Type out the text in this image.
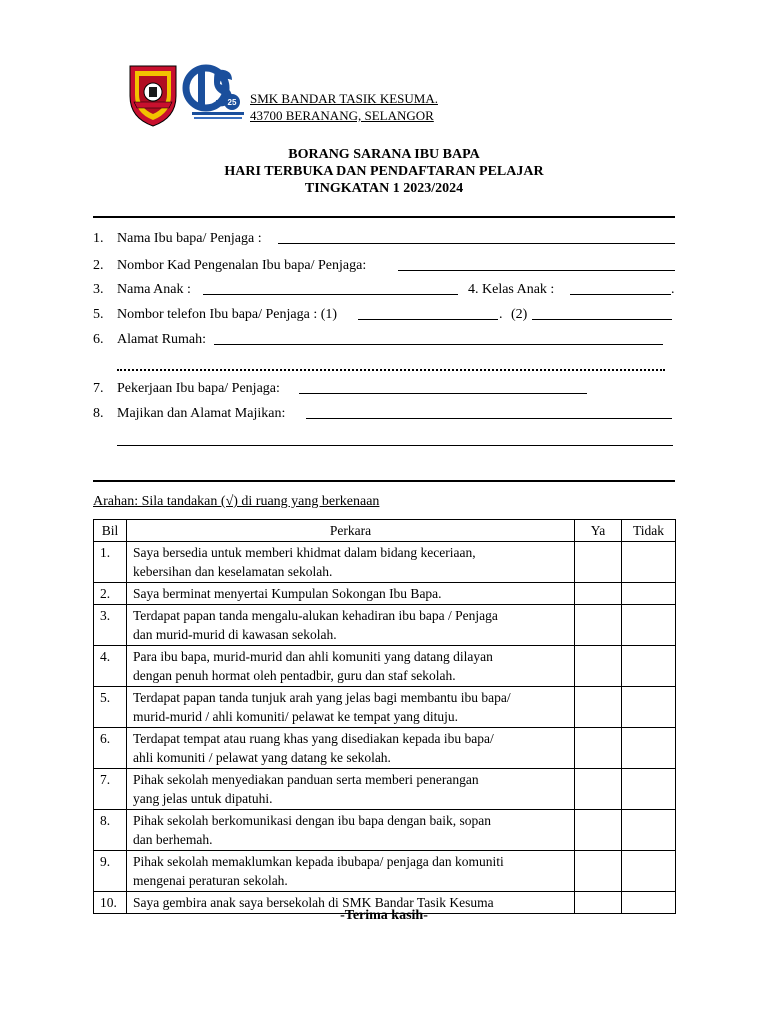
25 SMK BANDAR TASIK KESUMA.
43700 BERANANG, SELANGOR
BORANG SARANA IBU BAPA
HARI TERBUKA DAN PENDAFTARAN PELAJAR
TINGKATAN 1 2023/2024
1. Nama Ibu bapa/ Penjaga :
2. Nombor Kad Pengenalan Ibu bapa/ Penjaga:
3. Nama Anak :	4. Kelas Anak :	.
5. Nombor telefon Ibu bapa/ Penjaga : (1)	. (2)
6. Alamat Rumah:
7. Pekerjaan Ibu bapa/ Penjaga:
8. Majikan dan Alamat Majikan:
Arahan: Sila tandakan (√) di ruang yang berkenaan
Bil	Perkara	Ya	Tidak
1.	Saya bersedia untuk memberi khidmat dalam bidang keceriaan,
kebersihan dan keselamatan sekolah.		

2.	Saya berminat menyertai Kumpulan Sokongan Ibu Bapa.		

3.	Terdapat papan tanda mengalu-alukan kehadiran ibu bapa / Penjaga
dan murid-murid di kawasan sekolah.		

4.	Para ibu bapa, murid-murid dan ahli komuniti yang datang dilayan
dengan penuh hormat oleh pentadbir, guru dan staf sekolah.		

5.	Terdapat papan tanda tunjuk arah yang jelas bagi membantu ibu bapa/
murid-murid / ahli komuniti/ pelawat ke tempat yang dituju.		

6.	Terdapat tempat atau ruang khas yang disediakan kepada ibu bapa/
ahli komuniti / pelawat yang datang ke sekolah.		

7.	Pihak sekolah menyediakan panduan serta memberi penerangan
yang jelas untuk dipatuhi.		

8.	Pihak sekolah berkomunikasi dengan ibu bapa dengan baik, sopan
dan berhemah.		

9.	Pihak sekolah memaklumkan kepada ibubapa/ penjaga dan komuniti
mengenai peraturan sekolah.		

10.	Saya gembira anak saya bersekolah di SMK Bandar Tasik Kesuma		

-Terima kasih-
